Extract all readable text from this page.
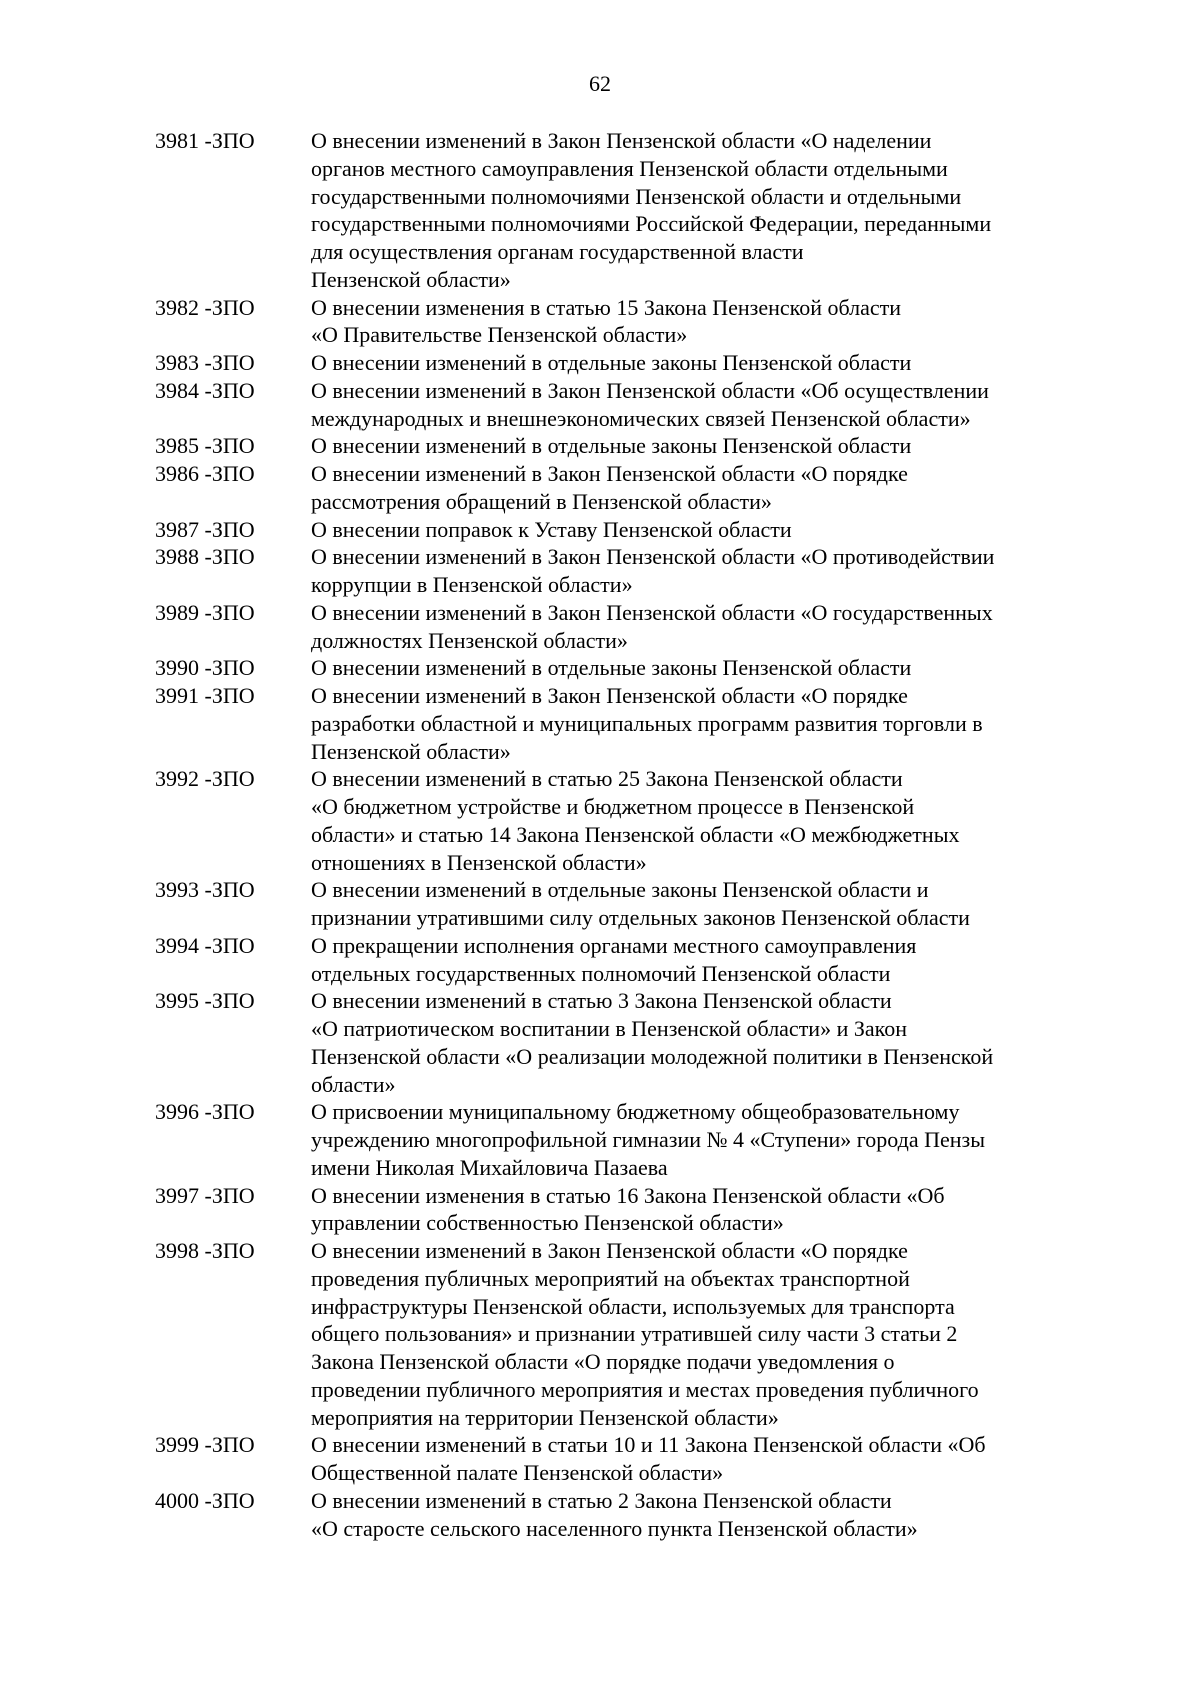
62
3981 -ЗПО	О внесении изменений в Закон Пензенской области «О наделении
органов местного самоуправления Пензенской области отдельными
государственными полномочиями Пензенской области и отдельными
государственными полномочиями Российской Федерации, переданными
для осуществления органам государственной власти
Пензенской области»
3982 -ЗПО	О внесении изменения в статью 15 Закона Пензенской области
«О Правительстве Пензенской области»
3983 -ЗПО	О внесении изменений в отдельные законы Пензенской области
3984 -ЗПО	О внесении изменений в Закон Пензенской области «Об осуществлении
международных и внешнеэкономических связей Пензенской области»
3985 -ЗПО	О внесении изменений в отдельные законы Пензенской области
3986 -ЗПО	О внесении изменений в Закон Пензенской области «О порядке
рассмотрения обращений в Пензенской области»
3987 -ЗПО	О внесении поправок к Уставу Пензенской области
3988 -ЗПО	О внесении изменений в Закон Пензенской области «О противодействии
коррупции в Пензенской области»
3989 -ЗПО	О внесении изменений в Закон Пензенской области «О государственных
должностях Пензенской области»
3990 -ЗПО	О внесении изменений в отдельные законы Пензенской области
3991 -ЗПО	О внесении изменений в Закон Пензенской области «О порядке
разработки областной и муниципальных программ развития торговли в
Пензенской области»
3992 -ЗПО	О внесении изменений в статью 25 Закона Пензенской области
«О бюджетном устройстве и бюджетном процессе в Пензенской
области» и статью 14 Закона Пензенской области «О межбюджетных
отношениях в Пензенской области»
3993 -ЗПО	О внесении изменений в отдельные законы Пензенской области и
признании утратившими силу отдельных законов Пензенской области
3994 -ЗПО	О прекращении исполнения органами местного самоуправления
отдельных государственных полномочий Пензенской области
3995 -ЗПО	О внесении изменений в статью 3 Закона Пензенской области
«О патриотическом воспитании в Пензенской области» и Закон
Пензенской области «О реализации молодежной политики в Пензенской
области»
3996 -ЗПО	О присвоении муниципальному бюджетному общеобразовательному
учреждению многопрофильной гимназии № 4 «Ступени» города Пензы
имени Николая Михайловича Пазаева
3997 -ЗПО	О внесении изменения в статью 16 Закона Пензенской области «Об
управлении собственностью Пензенской области»
3998 -ЗПО	О внесении изменений в Закон Пензенской области «О порядке
проведения публичных мероприятий на объектах транспортной
инфраструктуры Пензенской области, используемых для транспорта
общего пользования» и признании утратившей силу части 3 статьи 2
Закона Пензенской области «О порядке подачи уведомления о
проведении публичного мероприятия и местах проведения публичного
мероприятия на территории Пензенской области»
3999 -ЗПО	О внесении изменений в статьи 10 и 11 Закона Пензенской области «Об
Общественной палате Пензенской области»
4000 -ЗПО	О внесении изменений в статью 2 Закона Пензенской области
«О старосте сельского населенного пункта Пензенской области»
